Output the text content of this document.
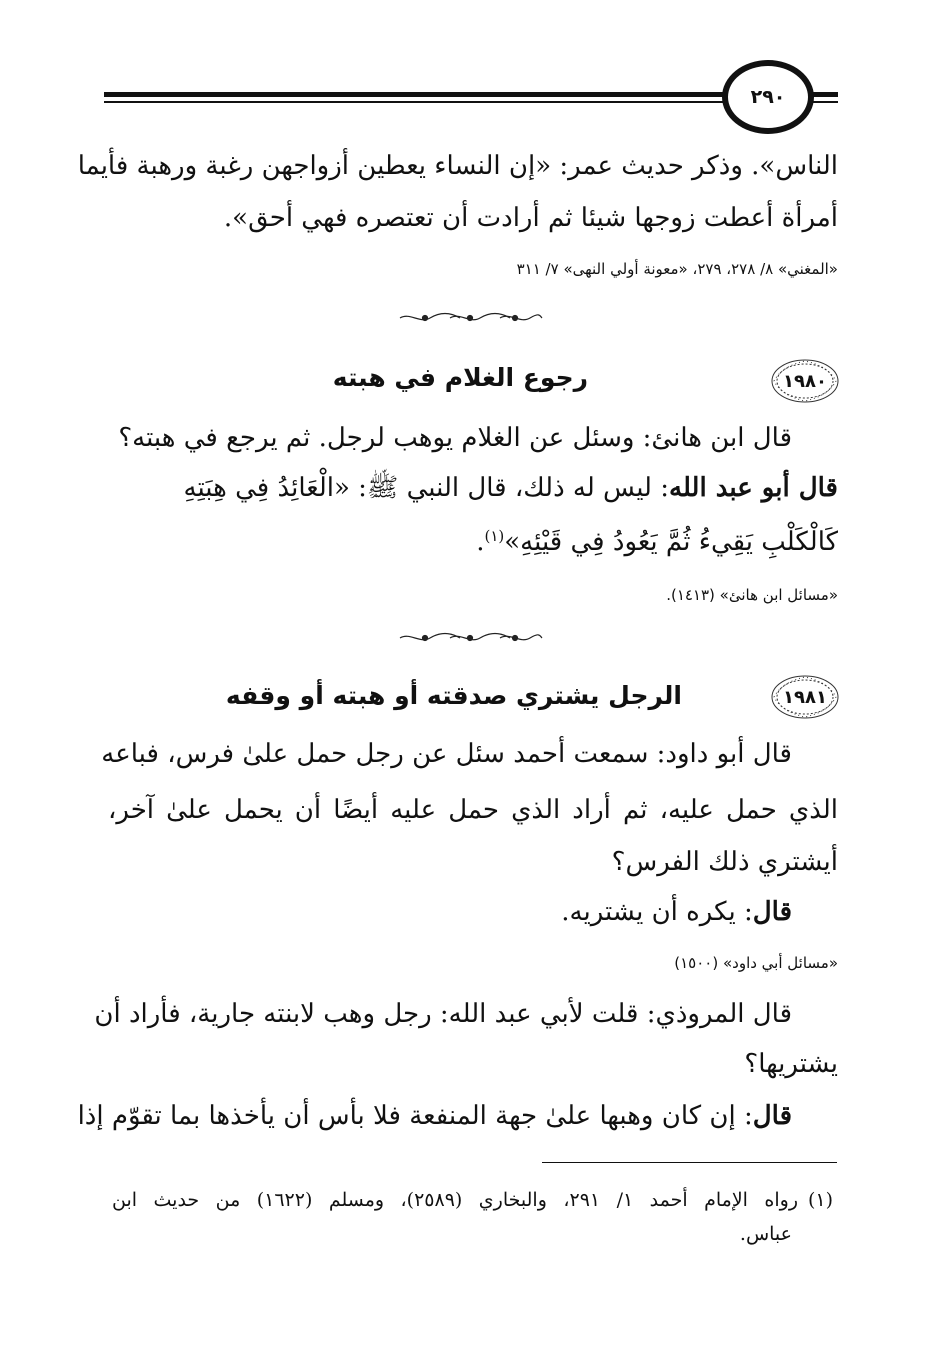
٢٩٠
الناس». وذكر حديث عمر: «إن النساء يعطين أزواجهن رغبة ورهبة فأيما
أمرأة أعطت زوجها شيئا ثم أرادت أن تعتصره فهي أحق».
«المغني» ٨/ ٢٧٨، ٢٧٩، «معونة أولي النهى» ٧/ ٣١١
١٩٨٠
رجوع الغلام في هبته
قال ابن هانئ: وسئل عن الغلام يوهب لرجل. ثم يرجع في هبته؟
قال أبو عبد الله: ليس له ذلك، قال النبي ﷺ: «الْعَائِدُ فِي هِبَتِهِ
كَالْكَلْبِ يَقِيءُ ثُمَّ يَعُودُ فِي قَيْئِهِ»$^{(١)}$.
«مسائل ابن هانئ» (١٤١٣).
١٩٨١
الرجل يشتري صدقته أو هبته أو وقفه
قال أبو داود: سمعت أحمد سئل عن رجل حمل علىٰ فرس، فباعه
الذي حمل عليه، ثم أراد الذي حمل عليه أيضًا أن يحمل علىٰ آخر،
أيشتري ذلك الفرس؟
قال: يكره أن يشتريه.
«مسائل أبي داود» (١٥٠٠)
قال المروذي: قلت لأبي عبد الله: رجل وهب لابنته جارية، فأراد أن
يشتريها؟
قال: إن كان وهبها علىٰ جهة المنفعة فلا بأس أن يأخذها بما تقوّم إذا
(١)
رواه الإمام أحمد ١/ ٢٩١، والبخاري (٢٥٨٩)، ومسلم (١٦٢٢) من حديث ابن
عباس.
